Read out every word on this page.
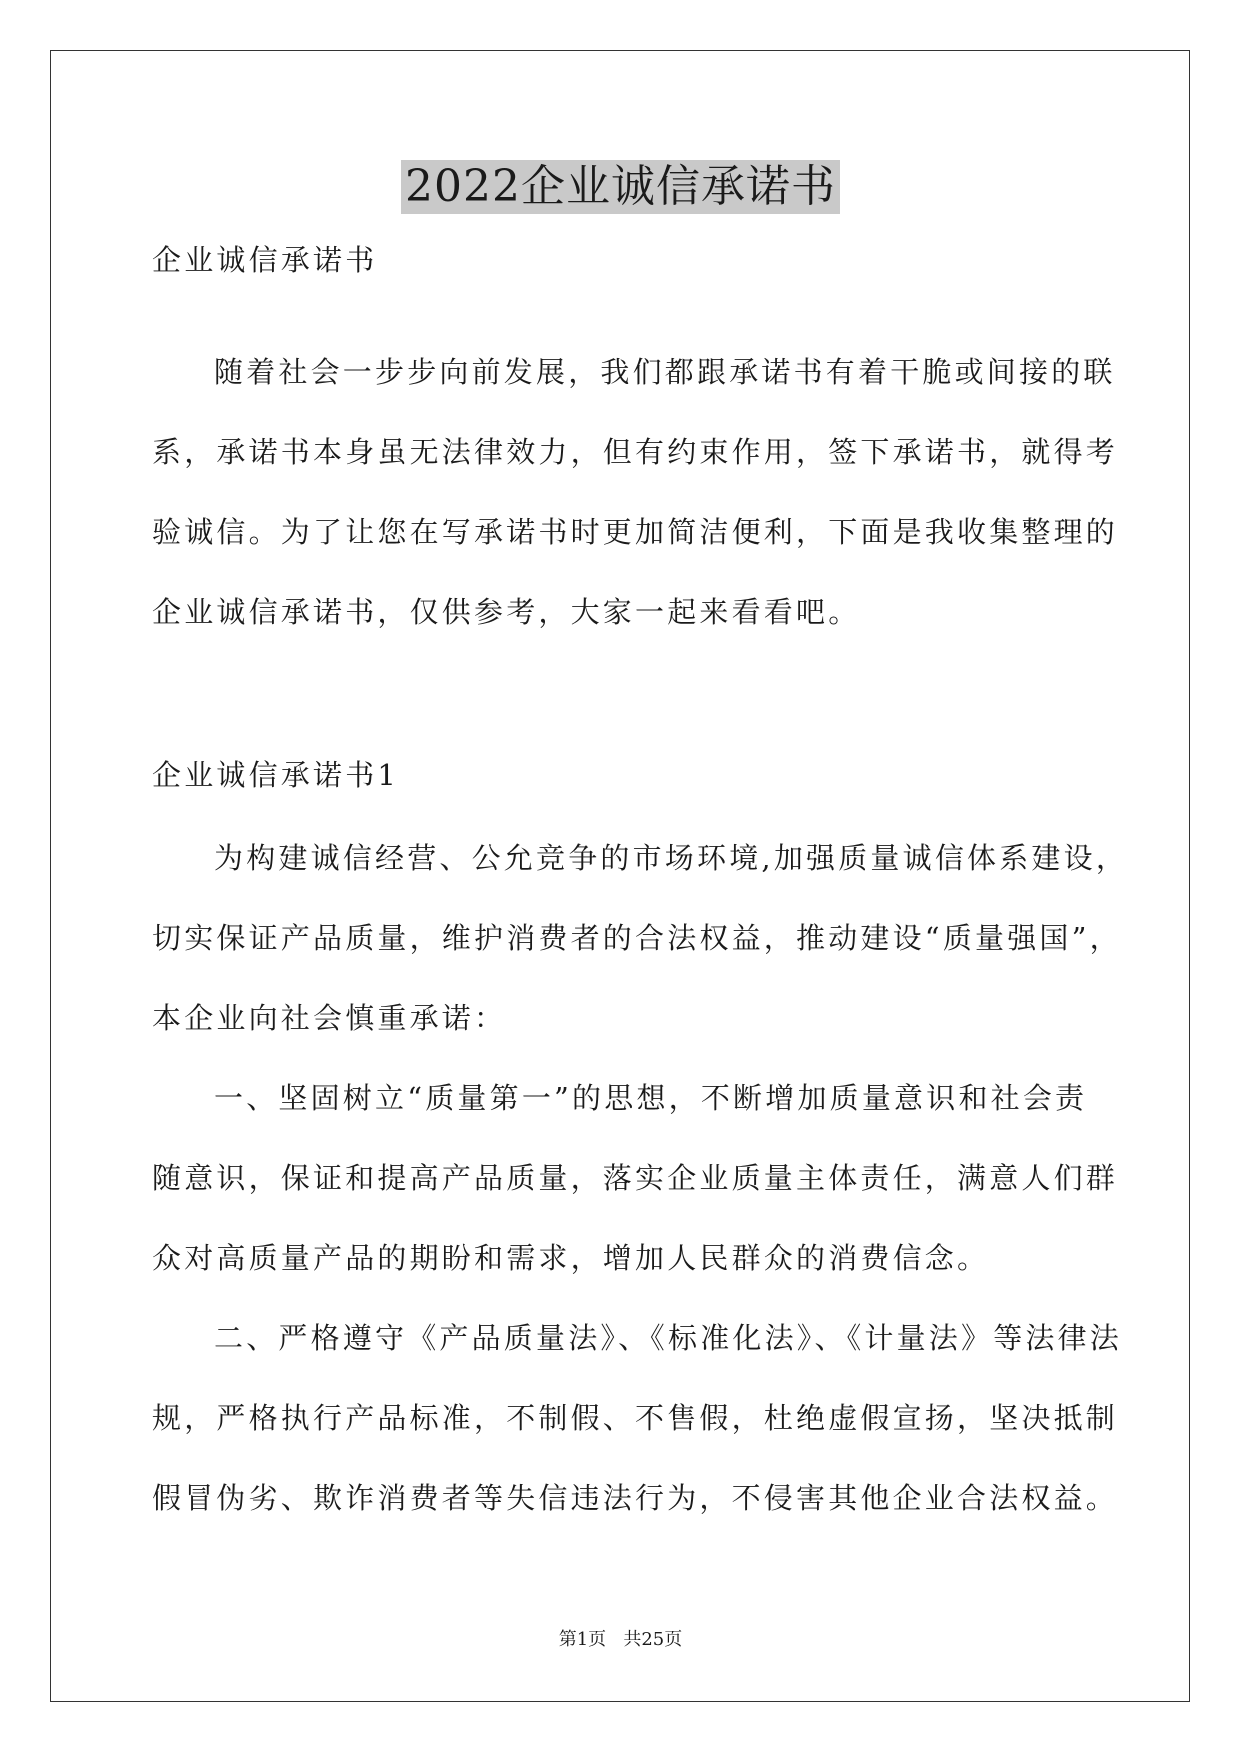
2022企业诚信承诺书
企业诚信承诺书
随着社会一步步向前发展，我们都跟承诺书有着干脆或间接的联
系，承诺书本身虽无法律效力，但有约束作用，签下承诺书，就得考
验诚信。为了让您在写承诺书时更加简洁便利，下面是我收集整理的
企业诚信承诺书，仅供参考，大家一起来看看吧。
企业诚信承诺书1
为构建诚信经营、公允竞争的市场环境,加强质量诚信体系建设，
切实保证产品质量，维护消费者的合法权益，推动建设“质量强国”，
本企业向社会慎重承诺：
一、坚固树立“质量第一”的思想，不断增加质量意识和社会责
随意识，保证和提高产品质量，落实企业质量主体责任，满意人们群
众对高质量产品的期盼和需求，增加人民群众的消费信念。
二、严格遵守《产品质量法》、《标准化法》、《计量法》等法律法
规，严格执行产品标准，不制假、不售假，杜绝虚假宣扬，坚决抵制
假冒伪劣、欺诈消费者等失信违法行为，不侵害其他企业合法权益。
第1页   共25页
